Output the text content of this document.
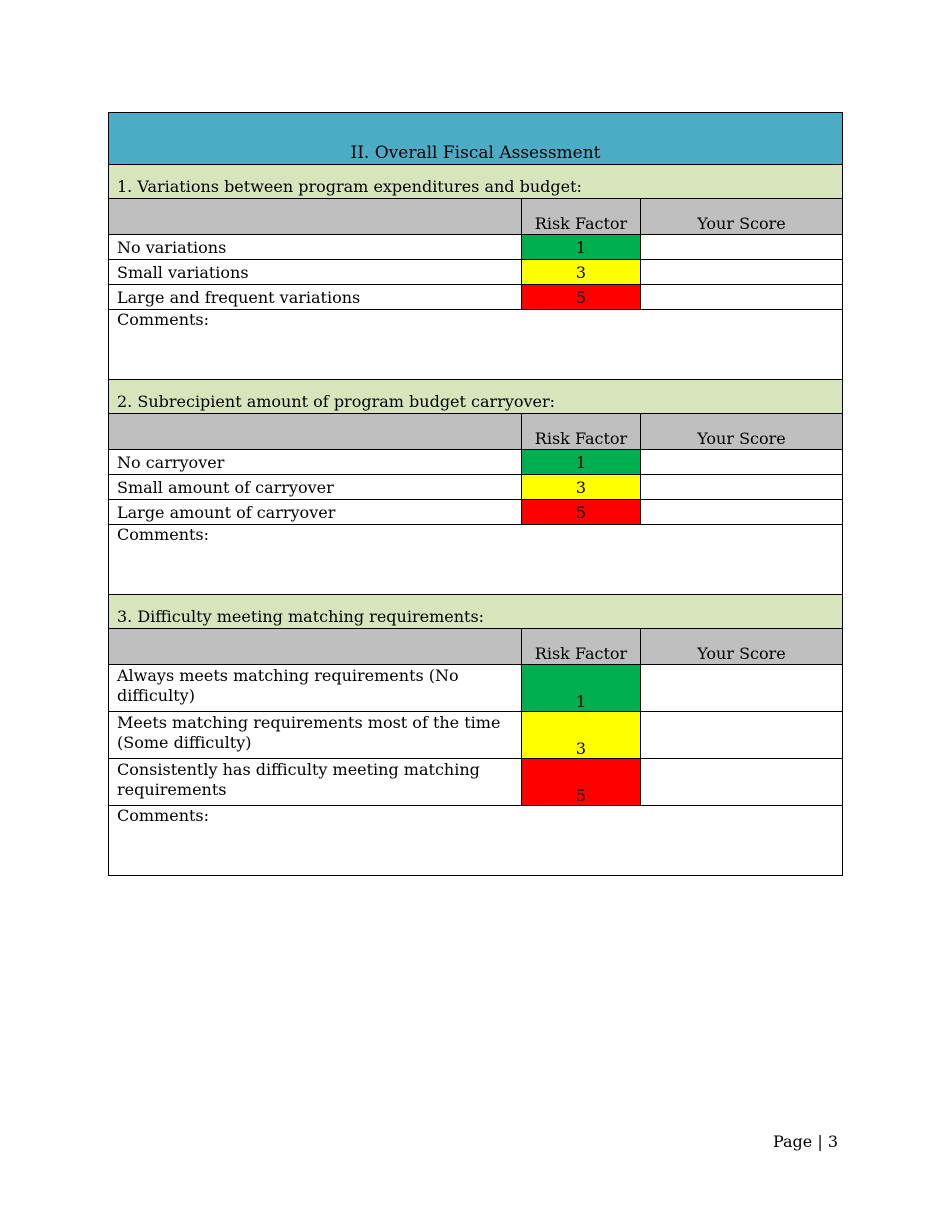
II. Overall Fiscal Assessment
1. Variations between program expenditures and budget:
Risk Factor	Your Score
No variations	1
Small variations	3
Large and frequent variations	5
Comments:
2. Subrecipient amount of program budget carryover:
Risk Factor	Your Score
No carryover	1
Small amount of carryover	3
Large amount of carryover	5
Comments:
3. Difficulty meeting matching requirements:
Risk Factor	Your Score
Always meets matching requirements (No difficulty)	1
Meets matching requirements most of the time (Some difficulty)	3
Consistently has difficulty meeting matching requirements	5
Comments:
Page | 3
